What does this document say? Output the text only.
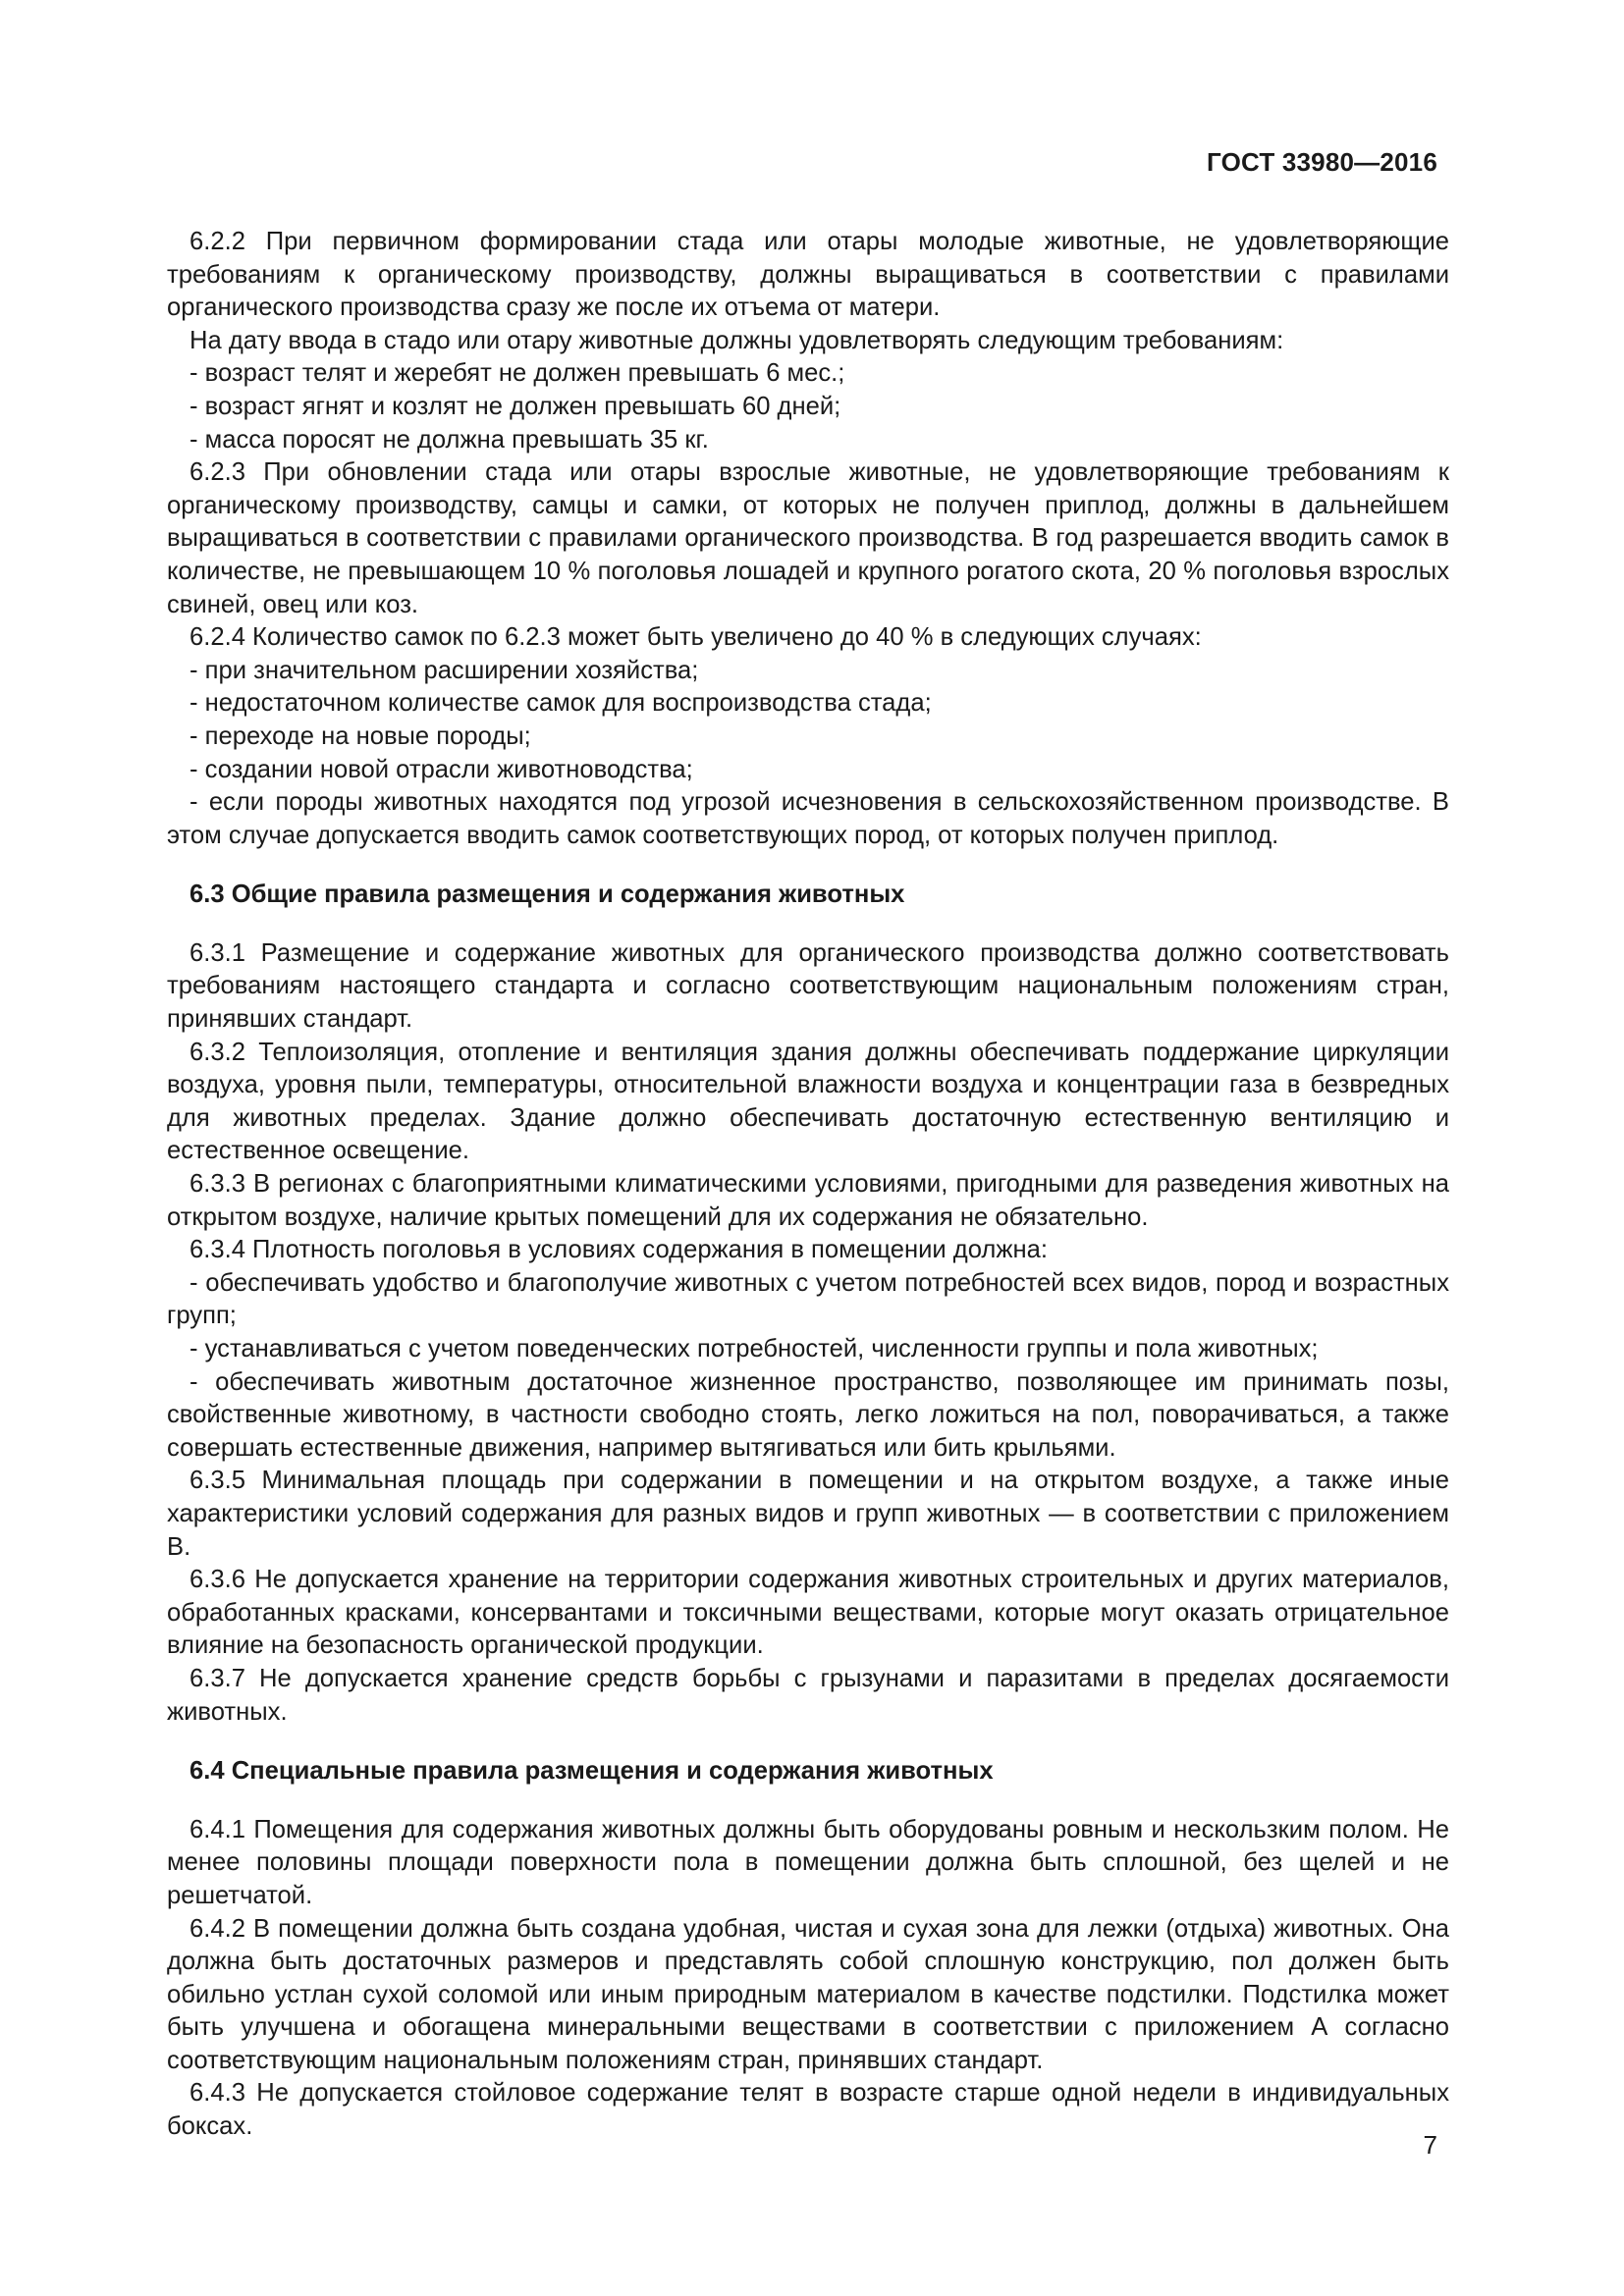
ГОСТ 33980—2016

6.2.2 При первичном формировании стада или отары молодые животные, не удовлетворяющие требованиям к органическому производству, должны выращиваться в соответствии с правилами органического производства сразу же после их отъема от матери.

На дату ввода в стадо или отару животные должны удовлетворять следующим требованиям:

- возраст телят и жеребят не должен превышать 6 мес.;

- возраст ягнят и козлят не должен превышать 60 дней;

- масса поросят не должна превышать 35 кг.

6.2.3 При обновлении стада или отары взрослые животные, не удовлетворяющие требованиям к органическому производству, самцы и самки, от которых не получен приплод, должны в дальнейшем выращиваться в соответствии с правилами органического производства. В год разрешается вводить самок в количестве, не превышающем 10 % поголовья лошадей и крупного рогатого скота, 20 % поголовья взрослых свиней, овец или коз.

6.2.4 Количество самок по 6.2.3 может быть увеличено до 40 % в следующих случаях:

- при значительном расширении хозяйства;

- недостаточном количестве самок для воспроизводства стада;

- переходе на новые породы;

- создании новой отрасли животноводства;

- если породы животных находятся под угрозой исчезновения в сельскохозяйственном производстве. В этом случае допускается вводить самок соответствующих пород, от которых получен приплод.

6.3 Общие правила размещения и содержания животных

6.3.1 Размещение и содержание животных для органического производства должно соответствовать требованиям настоящего стандарта и согласно соответствующим национальным положениям стран, принявших стандарт.

6.3.2 Теплоизоляция, отопление и вентиляция здания должны обеспечивать поддержание циркуляции воздуха, уровня пыли, температуры, относительной влажности воздуха и концентрации газа в безвредных для животных пределах. Здание должно обеспечивать достаточную естественную вентиляцию и естественное освещение.

6.3.3 В регионах с благоприятными климатическими условиями, пригодными для разведения животных на открытом воздухе, наличие крытых помещений для их содержания не обязательно.

6.3.4 Плотность поголовья в условиях содержания в помещении должна:

- обеспечивать удобство и благополучие животных с учетом потребностей всех видов, пород и возрастных групп;

- устанавливаться с учетом поведенческих потребностей, численности группы и пола животных;

- обеспечивать животным достаточное жизненное пространство, позволяющее им принимать позы, свойственные животному, в частности свободно стоять, легко ложиться на пол, поворачиваться, а также совершать естественные движения, например вытягиваться или бить крыльями.

6.3.5 Минимальная площадь при содержании в помещении и на открытом воздухе, а также иные характеристики условий содержания для разных видов и групп животных — в соответствии с приложением В.

6.3.6 Не допускается хранение на территории содержания животных строительных и других материалов, обработанных красками, консервантами и токсичными веществами, которые могут оказать отрицательное влияние на безопасность органической продукции.

6.3.7 Не допускается хранение средств борьбы с грызунами и паразитами в пределах досягаемости животных.

6.4 Специальные правила размещения и содержания животных

6.4.1 Помещения для содержания животных должны быть оборудованы ровным и нескользким полом. Не менее половины площади поверхности пола в помещении должна быть сплошной, без щелей и не решетчатой.

6.4.2 В помещении должна быть создана удобная, чистая и сухая зона для лежки (отдыха) животных. Она должна быть достаточных размеров и представлять собой сплошную конструкцию, пол должен быть обильно устлан сухой соломой или иным природным материалом в качестве подстилки. Подстилка может быть улучшена и обогащена минеральными веществами в соответствии с приложением А согласно соответствующим национальным положениям стран, принявших стандарт.

6.4.3 Не допускается стойловое содержание телят в возрасте старше одной недели в индивидуальных боксах.

7
